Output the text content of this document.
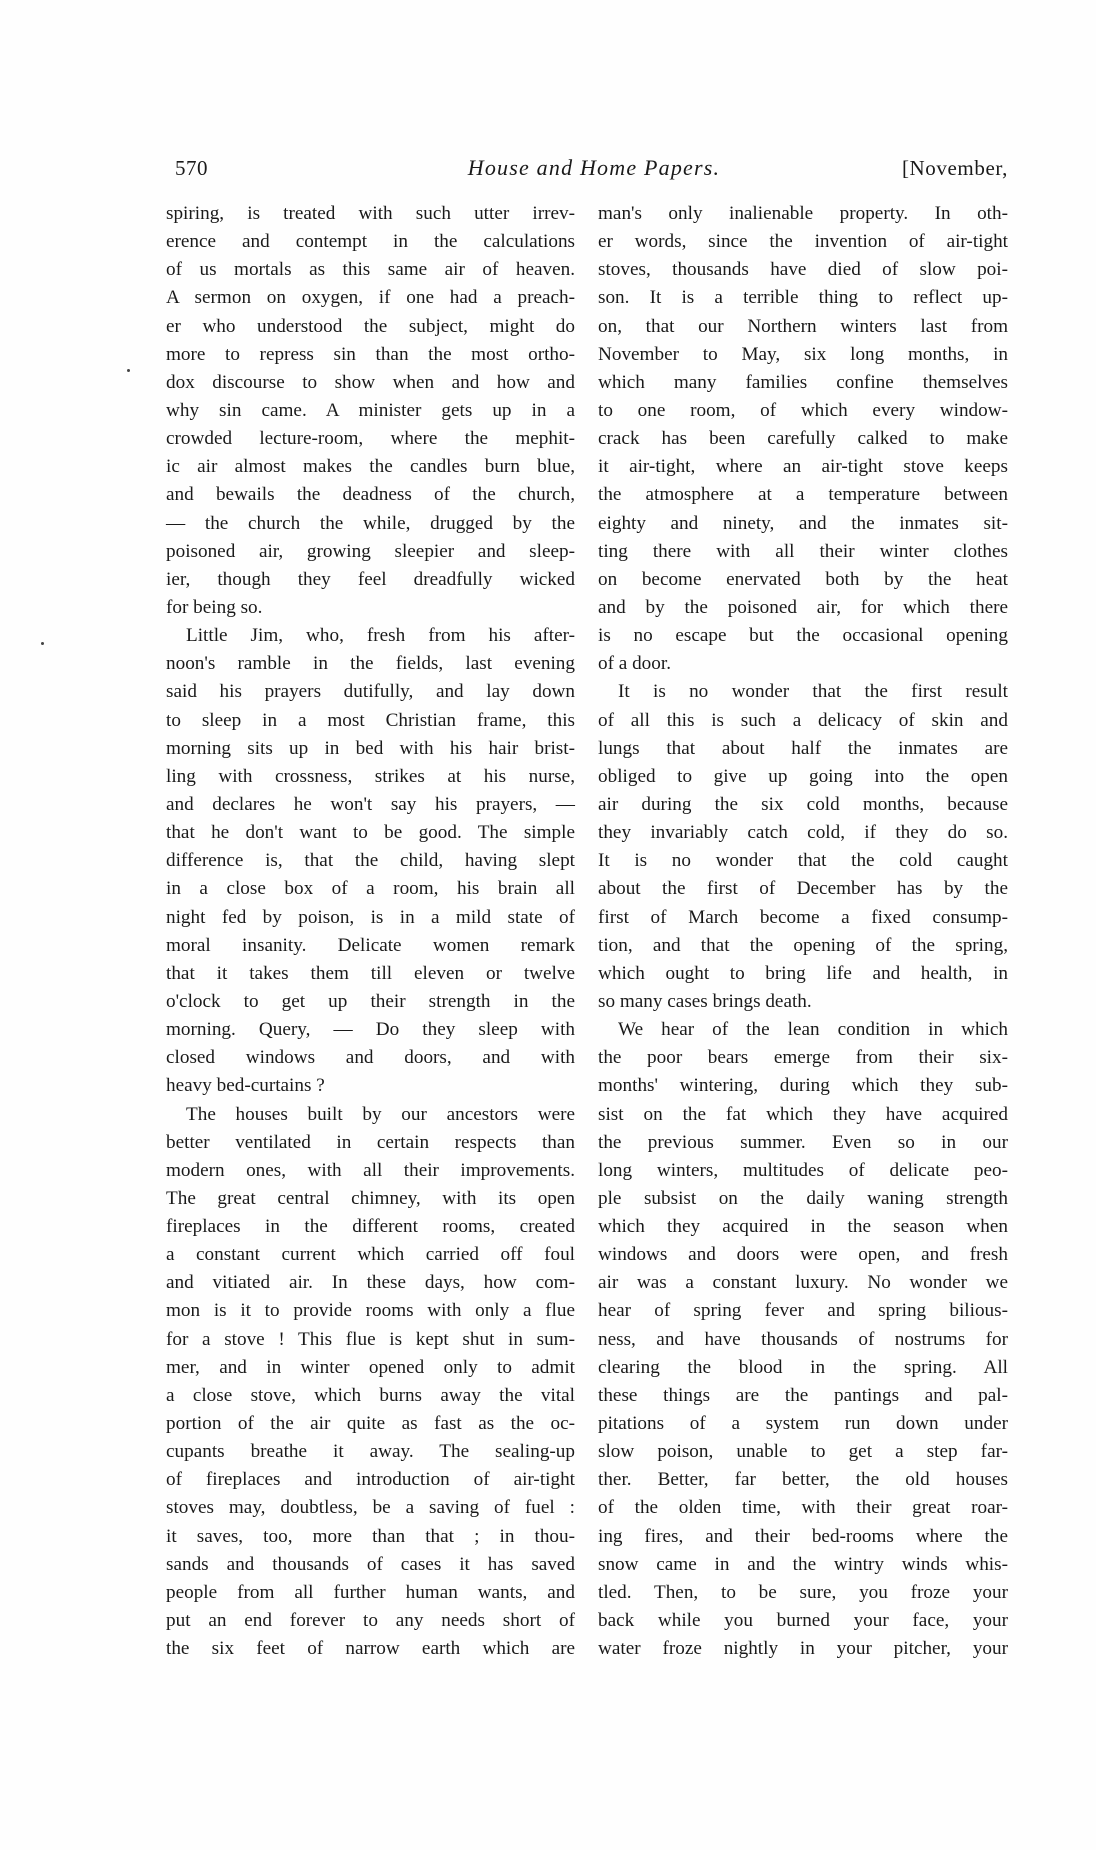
570	House and Home Papers.	[November,
spiring, is treated with such utter irrev-
erence and contempt in the calculations
of us mortals as this same air of heaven.
A sermon on oxygen, if one had a preach-
er who understood the subject, might do
more to repress sin than the most ortho-
dox discourse to show when and how and
why sin came. A minister gets up in a
crowded lecture-room, where the mephit-
ic air almost makes the candles burn blue,
and bewails the deadness of the church,
— the church the while, drugged by the
poisoned air, growing sleepier and sleep-
ier, though they feel dreadfully wicked
for being so.
Little Jim, who, fresh from his after-
noon's ramble in the fields, last evening
said his prayers dutifully, and lay down
to sleep in a most Christian frame, this
morning sits up in bed with his hair brist-
ling with crossness, strikes at his nurse,
and declares he won't say his prayers, —
that he don't want to be good. The simple
difference is, that the child, having slept
in a close box of a room, his brain all
night fed by poison, is in a mild state of
moral insanity. Delicate women remark
that it takes them till eleven or twelve
o'clock to get up their strength in the
morning. Query, — Do they sleep with
closed windows and doors, and with
heavy bed-curtains ?
The houses built by our ancestors were
better ventilated in certain respects than
modern ones, with all their improvements.
The great central chimney, with its open
fireplaces in the different rooms, created
a constant current which carried off foul
and vitiated air. In these days, how com-
mon is it to provide rooms with only a flue
for a stove ! This flue is kept shut in sum-
mer, and in winter opened only to admit
a close stove, which burns away the vital
portion of the air quite as fast as the oc-
cupants breathe it away. The sealing-up
of fireplaces and introduction of air-tight
stoves may, doubtless, be a saving of fuel :
it saves, too, more than that ; in thou-
sands and thousands of cases it has saved
people from all further human wants, and
put an end forever to any needs short of
the six feet of narrow earth which are
man's only inalienable property. In oth-
er words, since the invention of air-tight
stoves, thousands have died of slow poi-
son. It is a terrible thing to reflect up-
on, that our Northern winters last from
November to May, six long months, in
which many families confine themselves
to one room, of which every window-
crack has been carefully calked to make
it air-tight, where an air-tight stove keeps
the atmosphere at a temperature between
eighty and ninety, and the inmates sit-
ting there with all their winter clothes
on become enervated both by the heat
and by the poisoned air, for which there
is no escape but the occasional opening
of a door.
It is no wonder that the first result
of all this is such a delicacy of skin and
lungs that about half the inmates are
obliged to give up going into the open
air during the six cold months, because
they invariably catch cold, if they do so.
It is no wonder that the cold caught
about the first of December has by the
first of March become a fixed consump-
tion, and that the opening of the spring,
which ought to bring life and health, in
so many cases brings death.
We hear of the lean condition in which
the poor bears emerge from their six-
months' wintering, during which they sub-
sist on the fat which they have acquired
the previous summer. Even so in our
long winters, multitudes of delicate peo-
ple subsist on the daily waning strength
which they acquired in the season when
windows and doors were open, and fresh
air was a constant luxury. No wonder we
hear of spring fever and spring bilious-
ness, and have thousands of nostrums for
clearing the blood in the spring. All
these things are the pantings and pal-
pitations of a system run down under
slow poison, unable to get a step far-
ther. Better, far better, the old houses
of the olden time, with their great roar-
ing fires, and their bed-rooms where the
snow came in and the wintry winds whis-
tled. Then, to be sure, you froze your
back while you burned your face, your
water froze nightly in your pitcher, your
